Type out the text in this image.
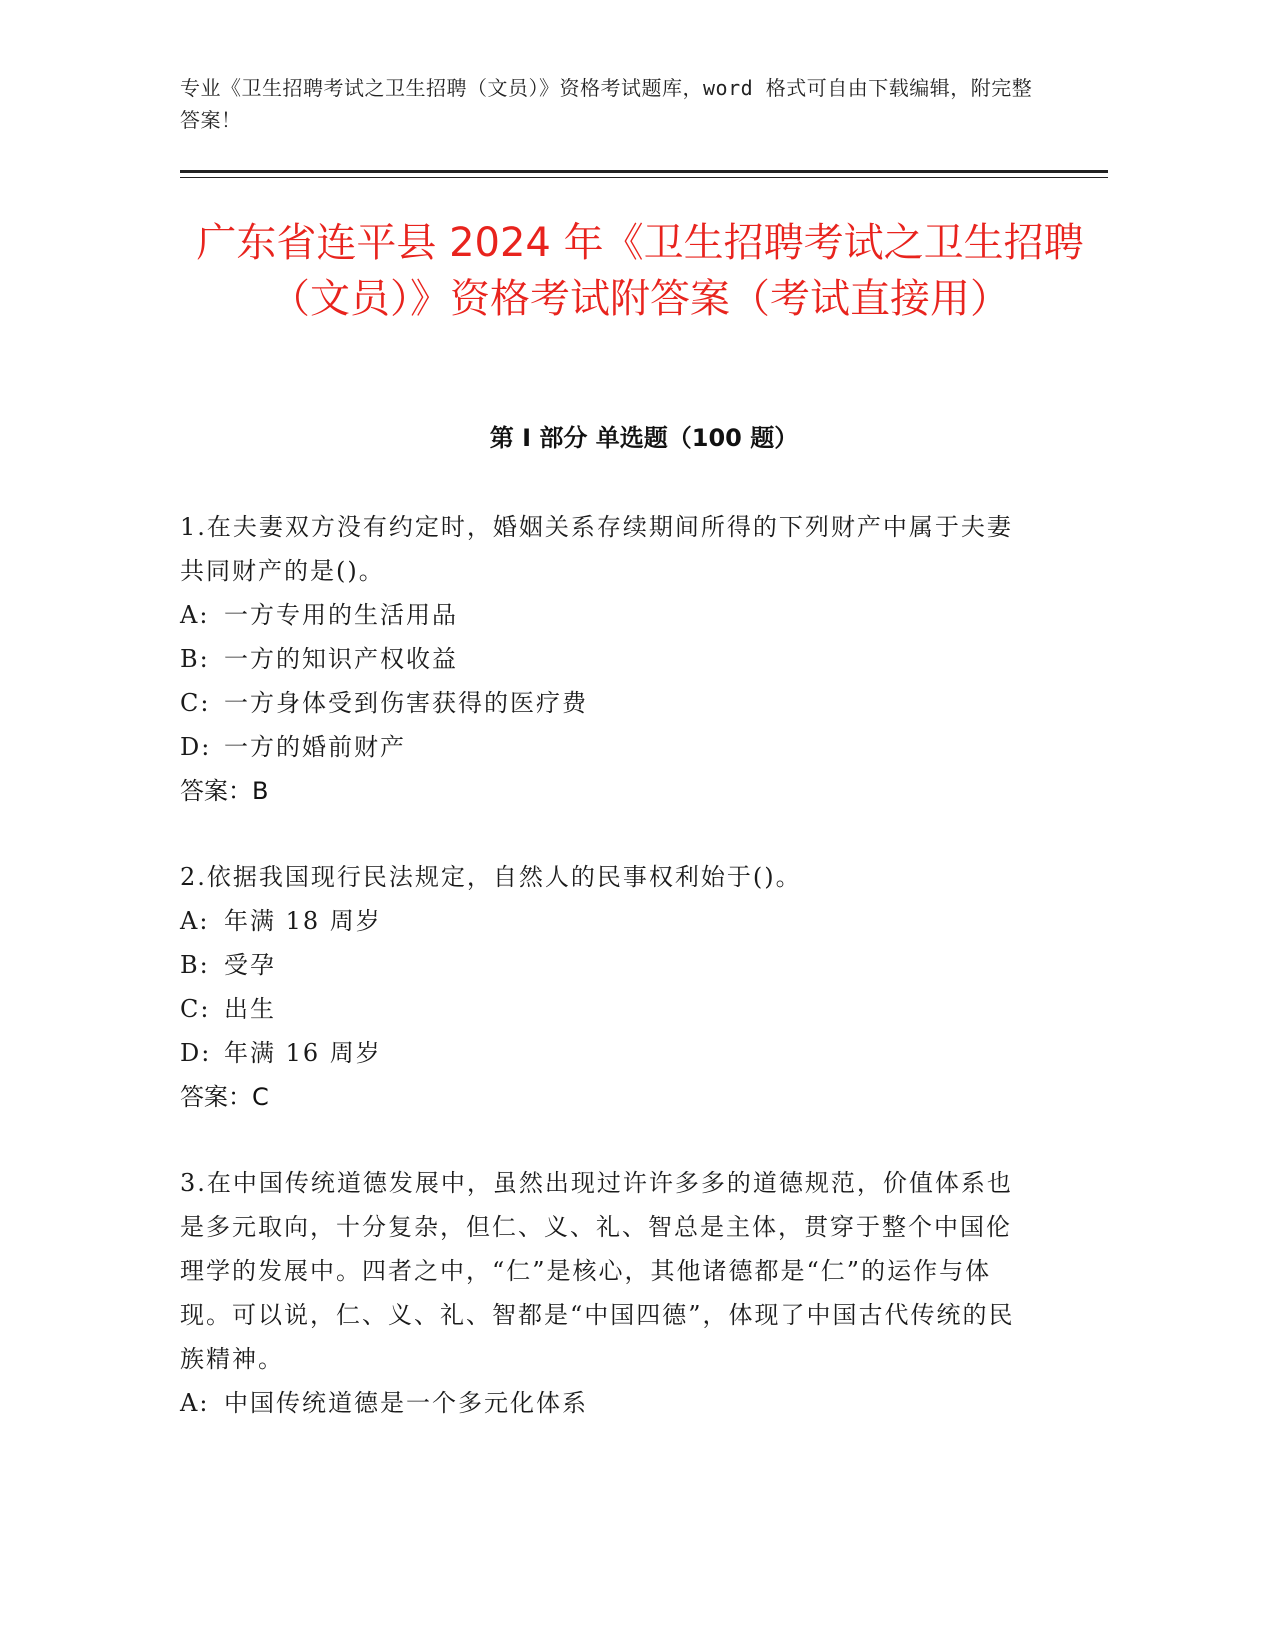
专业《卫生招聘考试之卫生招聘（文员）》资格考试题库，word 格式可自由下载编辑，附完整答案！
广东省连平县 2024 年《卫生招聘考试之卫生招聘（文员）》资格考试附答案（考试直接用）
第 I 部分 单选题（100 题）

1.在夫妻双方没有约定时，婚姻关系存续期间所得的下列财产中属于夫妻共同财产的是()。

A: 一方专用的生活用品

B: 一方的知识产权收益

C: 一方身体受到伤害获得的医疗费

D: 一方的婚前财产

答案：B

2.依据我国现行民法规定，自然人的民事权利始于()。

A: 年满 18 周岁

B: 受孕

C: 出生

D: 年满 16 周岁

答案：C

3.在中国传统道德发展中，虽然出现过许许多多的道德规范，价值体系也是多元取向，十分复杂，但仁、义、礼、智总是主体，贯穿于整个中国伦理学的发展中。四者之中，“仁”是核心，其他诸德都是“仁”的运作与体现。可以说，仁、义、礼、智都是“中国四德”，体现了中国古代传统的民族精神。

A: 中国传统道德是一个多元化体系
